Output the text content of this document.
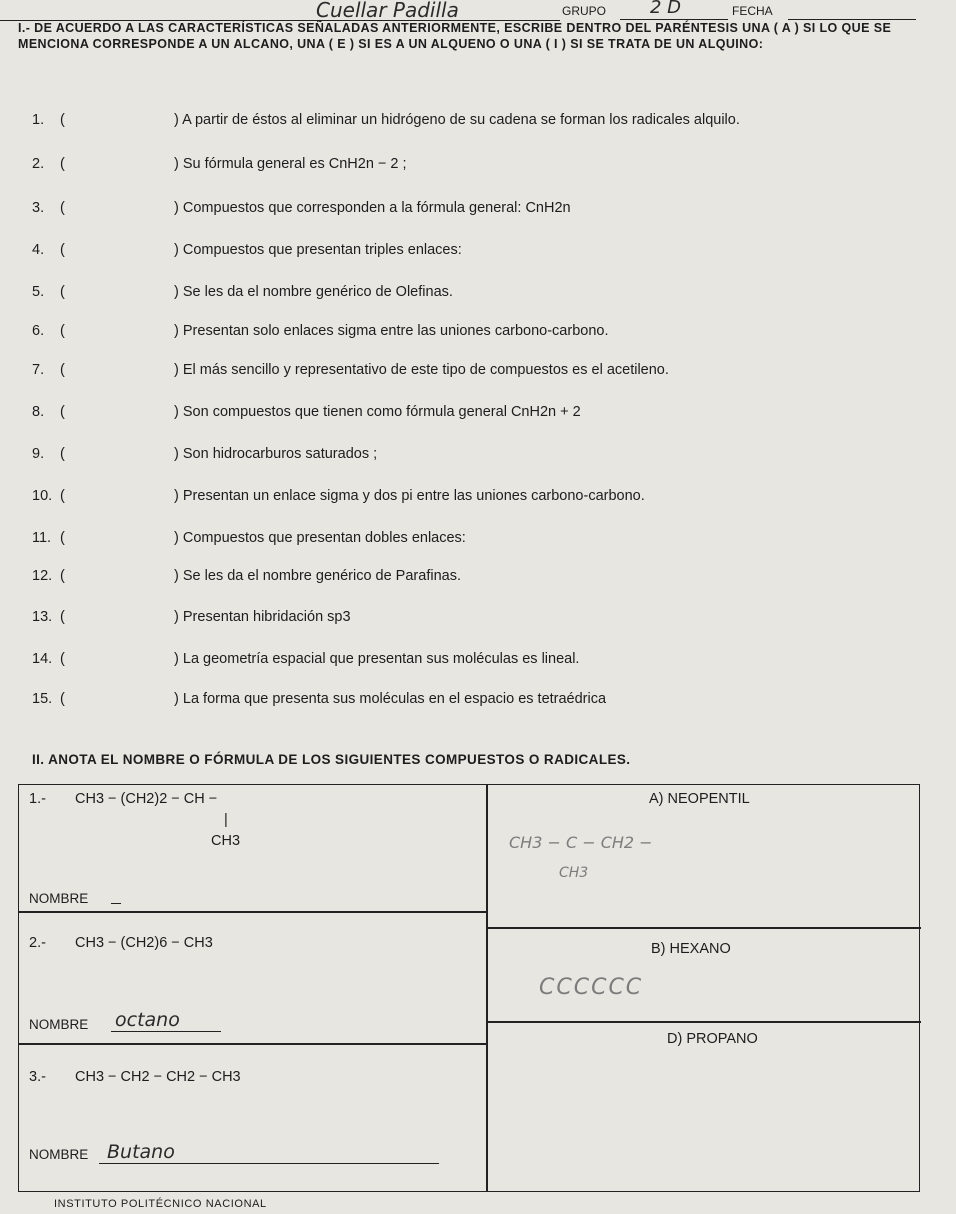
Cuellar Padilla	GRUPO 2 D	FECHA
I.- DE ACUERDO A LAS CARACTERÍSTICAS SEÑALADAS ANTERIORMENTE, ESCRIBE DENTRO DEL PARÉNTESIS UNA ( A ) SI LO QUE SE MENCIONA CORRESPONDE A UN ALCANO, UNA ( E ) SI ES A UN ALQUENO O UNA ( I ) SI SE TRATA DE UN ALQUINO:
1. (	) A partir de éstos al eliminar un hidrógeno de su cadena se forman los radicales alquilo.
2. (	) Su fórmula general es CnH2n − 2 ;
3. (	) Compuestos que corresponden a la fórmula general: CnH2n
4. (	) Compuestos que presentan triples enlaces:
5. (	) Se les da el nombre genérico de Olefinas.
6. (	) Presentan solo enlaces sigma entre las uniones carbono-carbono.
7. (	) El más sencillo y representativo de este tipo de compuestos es el acetileno.
8. (	) Son compuestos que tienen como fórmula general CnH2n + 2
9. (	) Son hidrocarburos saturados ;
10. (	) Presentan un enlace sigma y dos pi entre las uniones carbono-carbono.
11. (	) Compuestos que presentan dobles enlaces:
12. (	) Se les da el nombre genérico de Parafinas.
13. (	) Presentan hibridación sp3
14. (	) La geometría espacial que presentan sus moléculas es lineal.
15. (	) La forma que presenta sus moléculas en el espacio es tetraédrica
II. ANOTA EL NOMBRE O FÓRMULA DE LOS SIGUIENTES COMPUESTOS O RADICALES.
1.- CH3 − (CH2)2 − CH −
|
CH3
NOMBRE
A) NEOPENTIL
CH3 − C − CH2 −
CH3
2.- CH3 − (CH2)6 − CH3
NOMBRE octano
B) HEXANO
CCCCCC
3.- CH3 − CH2 − CH2 − CH3
NOMBRE Butano
D) PROPANO
INSTITUTO POLITÉCNICO NACIONAL
